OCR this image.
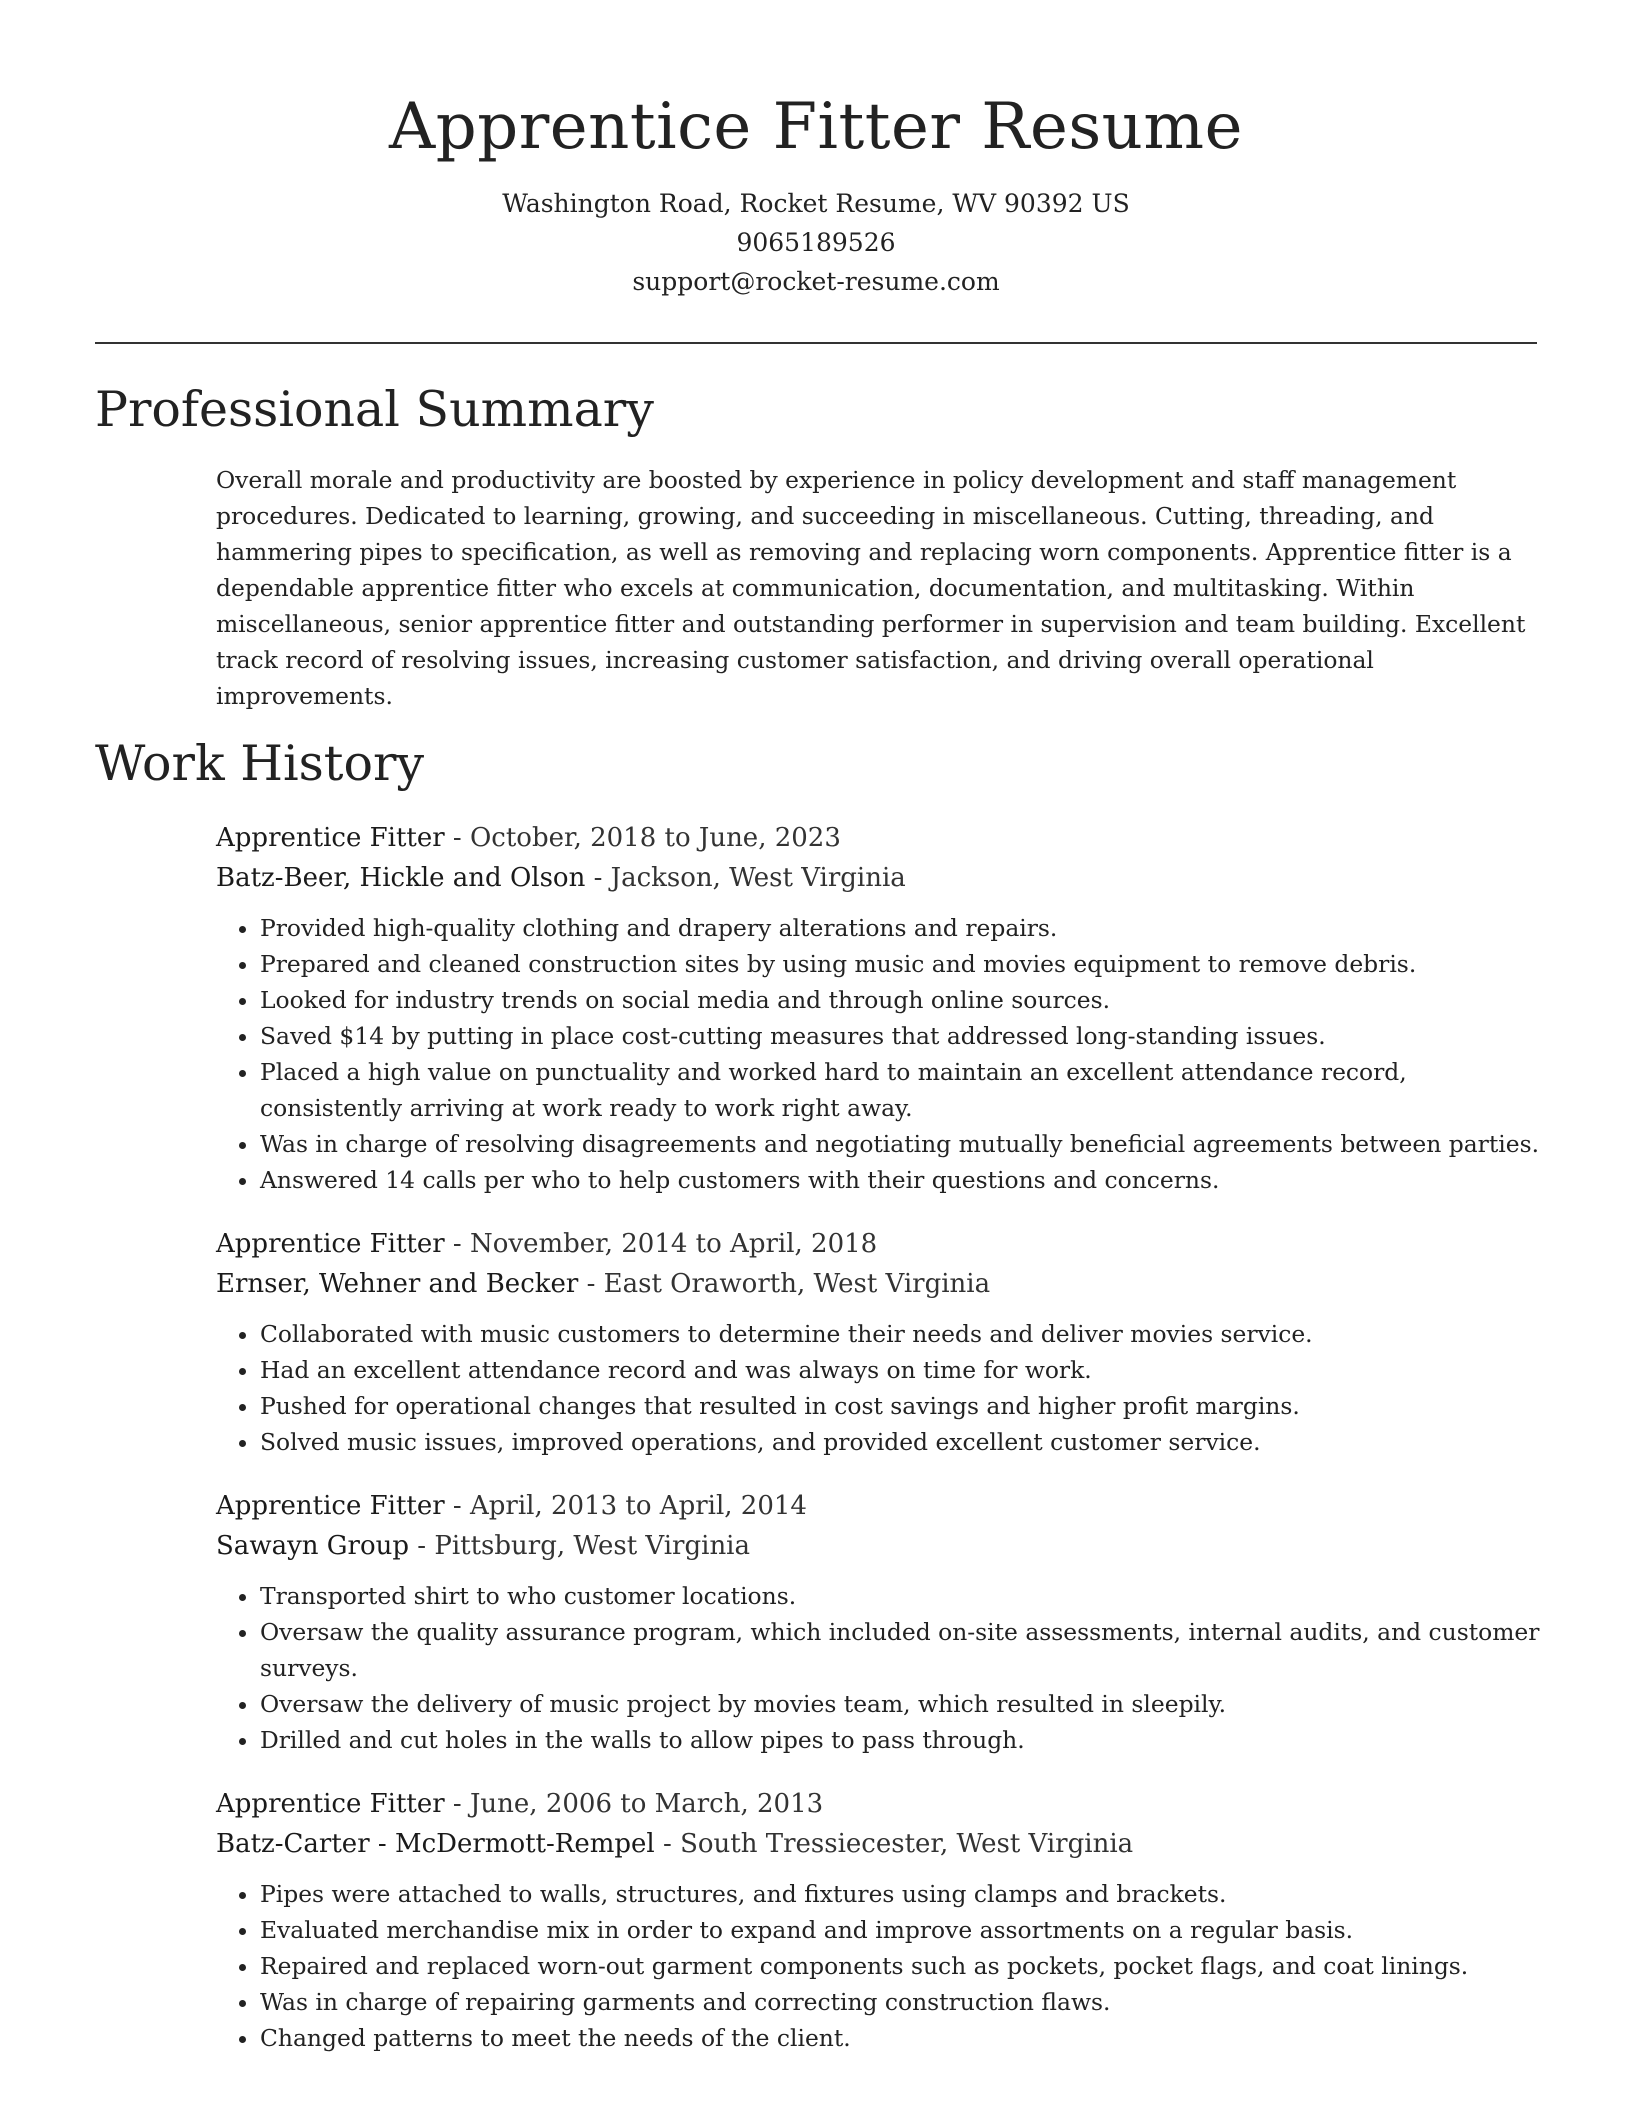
Apprentice Fitter Resume
Washington Road, Rocket Resume, WV 90392 US
9065189526
support@rocket-resume.com
Professional Summary

Overall morale and productivity are boosted by experience in policy development and staff management procedures. Dedicated to learning, growing, and succeeding in miscellaneous. Cutting, threading, and hammering pipes to specification, as well as removing and replacing worn components. Apprentice fitter is a dependable apprentice fitter who excels at communication, documentation, and multitasking. Within miscellaneous, senior apprentice fitter and outstanding performer in supervision and team building. Excellent track record of resolving issues, increasing customer satisfaction, and driving overall operational improvements.

Work History
Apprentice Fitter - October, 2018 to June, 2023
Batz-Beer, Hickle and Olson - Jackson, West Virginia
• Provided high-quality clothing and drapery alterations and repairs.
• Prepared and cleaned construction sites by using music and movies equipment to remove debris.
• Looked for industry trends on social media and through online sources.
• Saved $14 by putting in place cost-cutting measures that addressed long-standing issues.
• Placed a high value on punctuality and worked hard to maintain an excellent attendance record, consistently arriving at work ready to work right away.
• Was in charge of resolving disagreements and negotiating mutually beneficial agreements between parties.
• Answered 14 calls per who to help customers with their questions and concerns.
Apprentice Fitter - November, 2014 to April, 2018
Ernser, Wehner and Becker - East Oraworth, West Virginia
• Collaborated with music customers to determine their needs and deliver movies service.
• Had an excellent attendance record and was always on time for work.
• Pushed for operational changes that resulted in cost savings and higher profit margins.
• Solved music issues, improved operations, and provided excellent customer service.
Apprentice Fitter - April, 2013 to April, 2014
Sawayn Group - Pittsburg, West Virginia
• Transported shirt to who customer locations.
• Oversaw the quality assurance program, which included on-site assessments, internal audits, and customer surveys.
• Oversaw the delivery of music project by movies team, which resulted in sleepily.
• Drilled and cut holes in the walls to allow pipes to pass through.
Apprentice Fitter - June, 2006 to March, 2013
Batz-Carter - McDermott-Rempel - South Tressiecester, West Virginia
• Pipes were attached to walls, structures, and fixtures using clamps and brackets.
• Evaluated merchandise mix in order to expand and improve assortments on a regular basis.
• Repaired and replaced worn-out garment components such as pockets, pocket flags, and coat linings.
• Was in charge of repairing garments and correcting construction flaws.
• Changed patterns to meet the needs of the client.
